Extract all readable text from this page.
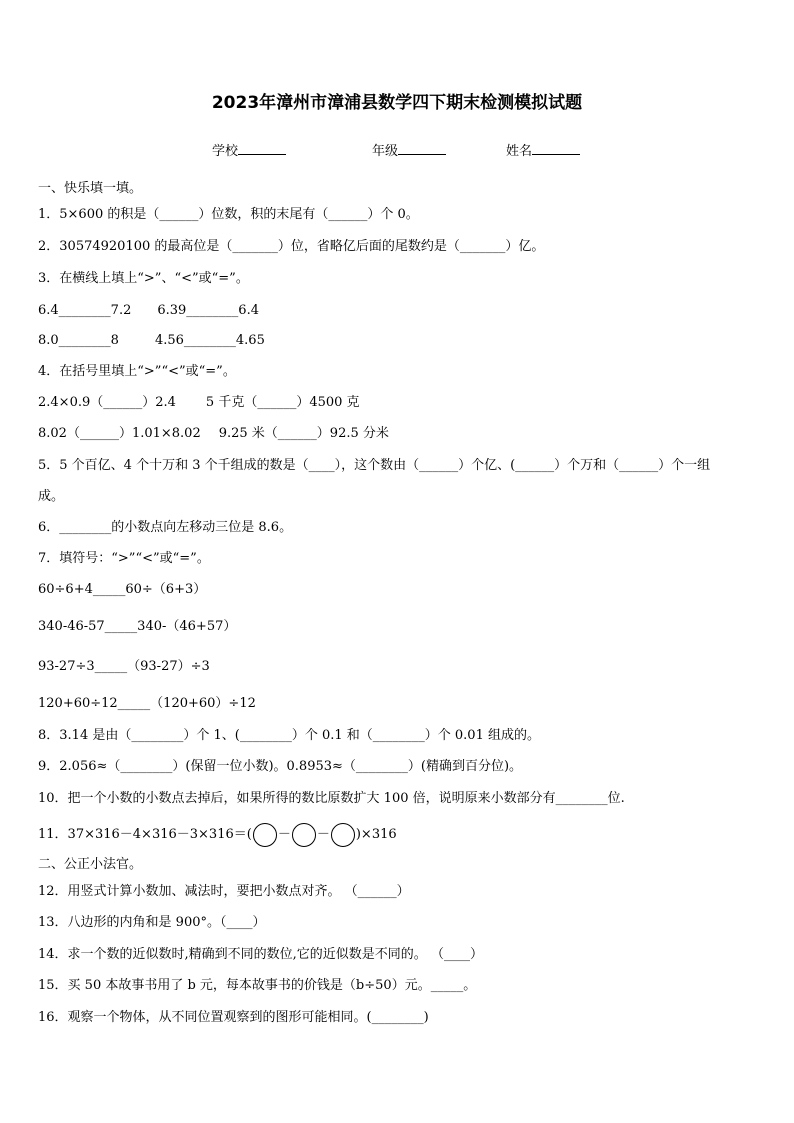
2023年漳州市漳浦县数学四下期末检测模拟试题
学校	年级	姓名
一、快乐填一填。
1．5×600 的积是（______）位数，积的末尾有（______）个 0。
2．30574920100 的最高位是（_______）位，省略亿后面的尾数约是（_______）亿。
3．在横线上填上“>”、“<”或“=”。
6.4________7.2 6.39________6.4
8.0________8	4.56________4.65
4．在括号里填上“>”“<”或“=”。
2.4×0.9（______）2.4 5 千克（______）4500 克
8.02（______）1.01×8.02 9.25 米（______）92.5 分米
5．5 个百亿、4 个十万和 3 个千组成的数是（____），这个数由（______）个亿、(______）个万和（______）个一组
成。
6．________的小数点向左移动三位是 8.6。
7．填符号：“>”“<”或“=”。
60÷6+4_____60÷（6+3）
340-46-57_____340-（46+57）
93-27÷3_____（93-27）÷3
120+60÷12_____（120+60）÷12
8．3.14 是由（________）个 1、(________）个 0.1 和（________）个 0.01 组成的。
9．2.056≈（________）(保留一位小数)。0.8953≈（________）(精确到百分位)。
10．把一个小数的小数点去掉后，如果所得的数比原数扩大 100 倍，说明原来小数部分有________位.
11．37×316－4×316－3×316＝( － － )×316
二、公正小法官。
12．用竖式计算小数加、减法时，要把小数点对齐。 （______）
13．八边形的内角和是 900°。（____）
14．求一个数的近似数时,精确到不同的数位,它的近似数是不同的。 （____）
15．买 50 本故事书用了 b 元，每本故事书的价钱是（b÷50）元。_____。
16．观察一个物体，从不同位置观察到的图形可能相同。(________)
